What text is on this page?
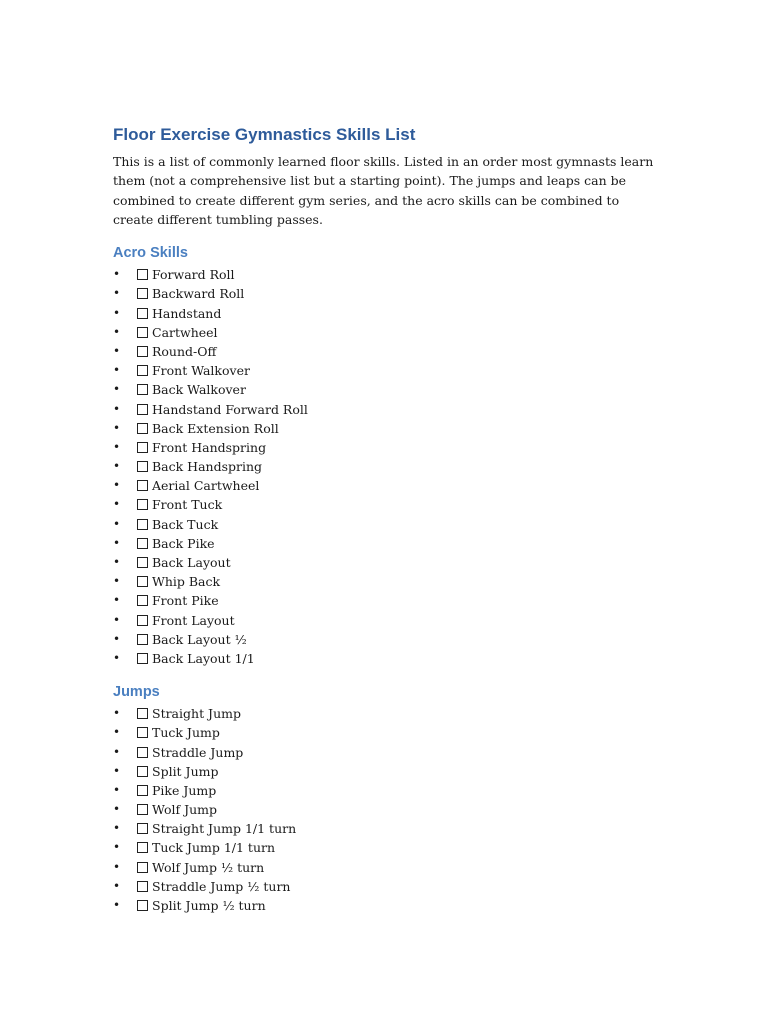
Floor Exercise Gymnastics Skills List

This is a list of commonly learned floor skills. Listed in an order most gymnasts learn them (not a comprehensive list but a starting point). The jumps and leaps can be combined to create different gym series, and the acro skills can be combined to create different tumbling passes.

Acro Skills
•	Forward Roll
•	Backward Roll
•	Handstand
•	Cartwheel
•	Round-Off
•	Front Walkover
•	Back Walkover
•	Handstand Forward Roll
•	Back Extension Roll
•	Front Handspring
•	Back Handspring
•	Aerial Cartwheel
•	Front Tuck
•	Back Tuck
•	Back Pike
•	Back Layout
•	Whip Back
•	Front Pike
•	Front Layout
•	Back Layout ½
•	Back Layout 1/1
Jumps
•	Straight Jump
•	Tuck Jump
•	Straddle Jump
•	Split Jump
•	Pike Jump
•	Wolf Jump
•	Straight Jump 1/1 turn
•	Tuck Jump 1/1 turn
•	Wolf Jump ½ turn
•	Straddle Jump ½ turn
•	Split Jump ½ turn
